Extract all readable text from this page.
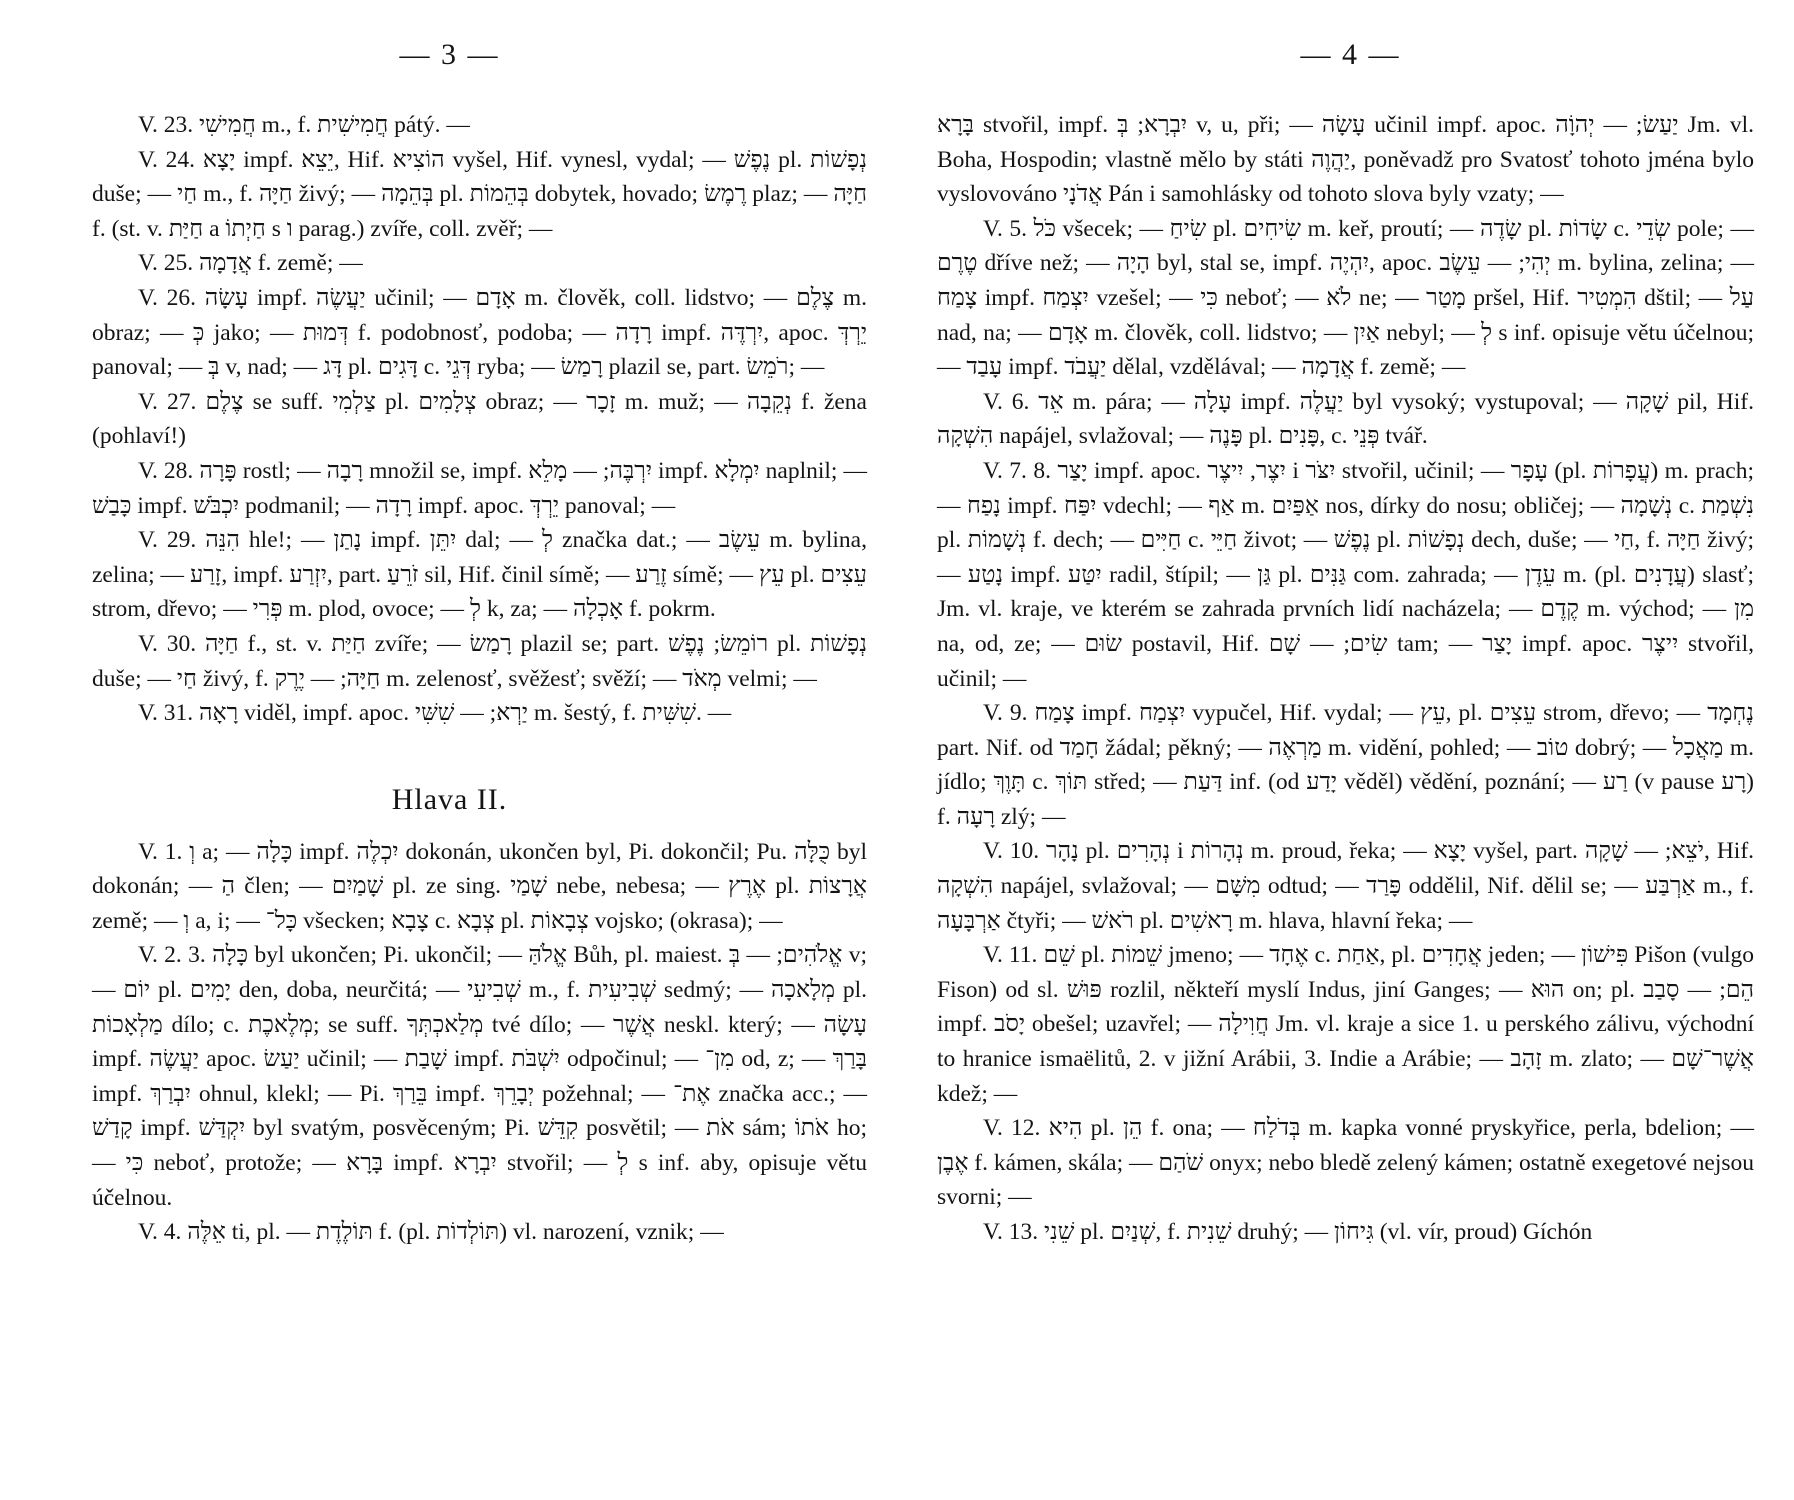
— 3 —

V. 23. חֲמִישִׁי m., f. חֲמִישִׁית pátý. —

V. 24. יָצָא impf. יֵצֵא, Hif. הוֹצִיא vyšel, Hif. vynesl, vydal; — נֶפֶשׁ pl. נְפָשׁוֹת duše; — חַי m., f. חַיָּה živý; — בְּהֵמָה pl. בְּהֵמוֹת dobytek, hovado; רֶמֶשׂ plaz; — חַיָּה f. (st. v. חַיַּת a חַיְתוֹ s ו parag.) zvíře, coll. zvěř; —

V. 25. אֲדָמָה f. země; —

V. 26. עָשָׂה impf. יַעֲשֶׂה učinil; — אָדָם m. člověk, coll. lidstvo; — צֶלֶם m. obraz; — כְּ jako; — דְּמוּת f. podobnosť, podoba; — רָדָה impf. יִרְדֶּה, apoc. יֵרְדְּ panoval; — בְּ v, nad; — דָּג pl. דָּגִים c. דְּגֵי ryba; — רָמַשׂ plazil se, part. רֹמֵשׂ; —

V. 27. צֶלֶם se suff. צַלְמִי pl. צְלָמִים obraz; — זָכָר m. muž; — נְקֵבָה f. žena (pohlaví!)

V. 28. פָּרָה rostl; — רָבָה množil se, impf. יִרְבֶּה; — מָלֵא impf. יִמְלָא naplnil; — כָּבַשׁ impf. יִכְבֹּשׁ podmanil; — רָדָה impf. apoc. יֵרְדְּ panoval; —

V. 29. הִנֵּה hle!; — נָתַן impf. יִתֵּן dal; — לְ značka dat.; — עֵשֶׂב m. bylina, zelina; — זָרַע, impf. יִזְרַע, part. זֹרֵעַ sil, Hif. činil símě; — זֶרַע símě; — עֵץ pl. עֵצִים strom, dřevo; — פְּרִי m. plod, ovoce; — לְ k, za; — אָכְלָה f. pokrm.

V. 30. חַיָּה f., st. v. חַיַּת zvíře; — רָמַשׂ plazil se; part. רוֹמֵשׂ; נֶפֶשׁ pl. נְפָשׁוֹת duše; — חַי živý, f. חַיָּה; — יֶרֶק m. zelenosť, svěžesť; svěží; — מְאֹד velmi; —

V. 31. רָאָה viděl, impf. apoc. יַרְא; — שִׁשִּׁי m. šestý, f. שִׁשִּׁית. —

Hlava II.

V. 1. וְ a; — כָּלָה impf. יִכְלֶה dokonán, ukončen byl, Pi. dokončil; Pu. כֻּלָּה byl dokonán; — הַ člen; — שָׁמַיִם pl. ze sing. שָׁמַי nebe, nebesa; — אֶרֶץ pl. אֲרָצוֹת země; — וְ a, i; — כָּל־ všecken; צָבָא c. צְבָא pl. צְבָאוֹת vojsko; (okrasa); —

V. 2. 3. כָּלָה byl ukončen; Pi. ukončil; — אֱלֹהַּ Bůh, pl. maiest. אֱלֹהִים; — בְּ v; — יוֹם pl. יָמִים den, doba, neurčitá; — שְׁבִיעִי m., f. שְׁבִיעִית sedmý; — מְלָאכָה pl. מַלְאָכוֹת dílo; c. מְלֶאכֶת; se suff. מְלַאכְתְּךָ tvé dílo; — אֲשֶׁר neskl. který; — עָשָׂה impf. יַעֲשֶׂה apoc. יַעַשׂ učinil; — שָׁבַת impf. יִשְׁבֹּת odpočinul; — מִן־ od, z; — בָּרַךְ impf. יִבְרַךְ ohnul, klekl; — Pi. בֵּרַךְ impf. יְבָרֵךְ požehnal; — אֶת־ značka acc.; — קָדַשׁ impf. יִקְדַּשׁ byl svatým, posvěceným; Pi. קִדֵּשׁ posvětil; — אֹת sám; אֹתוֹ ho; — כִּי neboť, protože; — בָּרָא impf. יִבְרָא stvořil; — לְ s inf. aby, opisuje větu účelnou.

V. 4. אֵלֶּה ti, pl. — תּוֹלֶדֶת f. (pl. תּוֹלְדוֹת) vl. narození, vznik; —

— 4 —

בָּרָא stvořil, impf. יִבְרָא; בְּ v, u, při; — עָשָׂה učinil impf. apoc. יַעַשׂ; — יְהוָֹה Jm. vl. Boha, Hospodin; vlastně mělo by státi יַהֲוֶה, poněvadž pro Svatosť tohoto jména bylo vyslovováno אֲדֹנָי Pán i samohlásky od tohoto slova byly vzaty; —

V. 5. כֹּל všecek; — שִׂיחַ pl. שִׂיחִים m. keř, proutí; — שָׂדֶה pl. שָׂדוֹת c. שְׂדֵי pole; — טֶרֶם dříve než; — הָיָה byl, stal se, impf. יִהְיֶה, apoc. יְהִי; — עֵשֶׂב m. bylina, zelina; — צָמַח impf. יִצְמַח vzešel; — כִּי neboť; — לֹא ne; — מָטַר pršel, Hif. הִמְטִיר dštil; — עַל nad, na; — אָדָם m. člověk, coll. lidstvo; — אַיִן nebyl; — לְ s inf. opisuje větu účelnou; — עָבַד impf. יַעֲבֹד dělal, vzdělával; — אֲדָמָה f. země; —

V. 6. אֵד m. pára; — עָלָה impf. יַעֲלֶה byl vysoký; vystupoval; — שָׁקָה pil, Hif. הִשְׁקָה napájel, svlažoval; — פָּנֶה pl. פָּנִים, c. פְּנֵי tvář.

V. 7. 8. יָצַר impf. apoc. יִצֶר, יִיצֶר i יִצֹּר stvořil, učinil; — עָפָר (pl. עֲפָרוֹת) m. prach; — נָפַח impf. יִפַּח vdechl; — אַף m. אַפַּיִם nos, dírky do nosu; obličej; — נְשָׁמָה c. נִשְׁמַת pl. נְשָׁמוֹת f. dech; — חַיִּים c. חַיֵּי život; — נֶפֶשׁ pl. נְפָשׁוֹת dech, duše; — חַי, f. חַיָּה živý; — נָטַע impf. יִטַּע radil, štípil; — גַּן pl. גַּנִּים com. zahrada; — עֵדֶן m. (pl. עֲדָנִים) slasť; Jm. vl. kraje, ve kterém se zahrada prvních lidí nacházela; — קֶדֶם m. východ; — מִן na, od, ze; — שׂוּם postavil, Hif. שִׂים; — שָׁם tam; — יָצַר impf. apoc. יִיצֶר stvořil, učinil; —

V. 9. צָמַח impf. יִצְמַח vypučel, Hif. vydal; — עֵץ, pl. עֵצִים strom, dřevo; — נֶחְמָד part. Nif. od חָמַד žádal; pěkný; — מַרְאֶה m. vidění, pohled; — טוֹב dobrý; — מַאֲכָל m. jídlo; תָּוֶךְ c. תּוֹךְ střed; — דַּעַת inf. (od יָדַע věděl) vědění, poznání; — רַע (v pause רָע) f. רָעָה zlý; —

V. 10. נָהָר pl. נְהָרִים i נְהָרוֹת m. proud, řeka; — יָצָא vyšel, part. יֹצֵא; — שָׁקָה, Hif. הִשְׁקָה napájel, svlažoval; — מִשָּׁם odtud; — פָּרַד oddělil, Nif. dělil se; — אַרְבַּע m., f. אַרְבָּעָה čtyři; — רֹאשׁ pl. רָאשִׁים m. hlava, hlavní řeka; —

V. 11. שֵׁם pl. שֵׁמוֹת jmeno; — אֶחָד c. אַחַת, pl. אֲחָדִים jeden; — פִּישׁוֹן Pišon (vulgo Fison) od sl. פּוּשׁ rozlil, někteří myslí Indus, jiní Ganges; — הוּא on; pl. הֵם; — סָבַב impf. יָסֹב obešel; uzavřel; — חֲוִילָה Jm. vl. kraje a sice 1. u perského zálivu, východní to hranice ismaëlitů, 2. v jižní Arábii, 3. Indie a Arábie; — זָהָב m. zlato; — אֲשֶׁר־שָׁם kdež; —

V. 12. הִיא pl. הֵן f. ona; — בְּדֹלַח m. kapka vonné pryskyřice, perla, bdelion; — אֶבֶן f. kámen, skála; — שֹׁהַם onyx; nebo bledě zelený kámen; ostatně exegetové nejsou svorni; —

V. 13. שֵׁנִי pl. שְׁנַיִם, f. שֵׁנִית druhý; — גִּיחוֹן (vl. vír, proud) Gíchón
